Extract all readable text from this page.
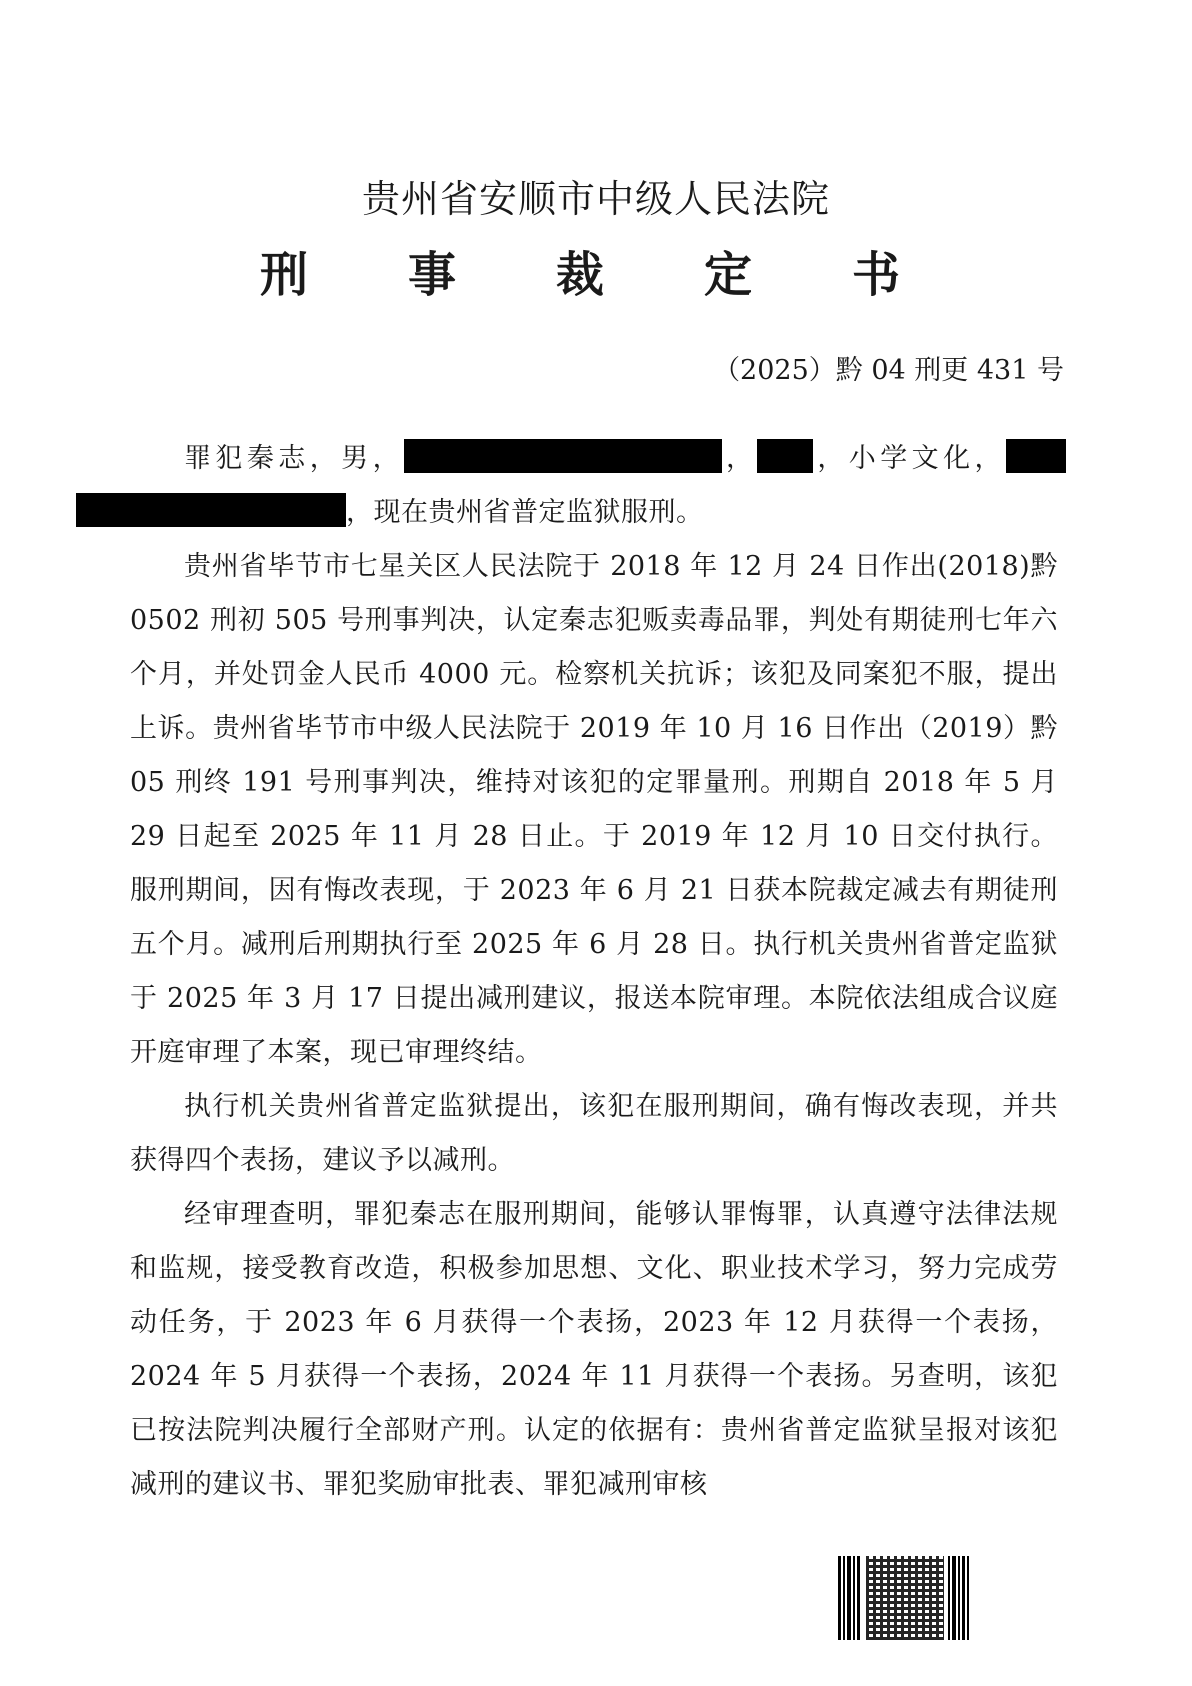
贵州省安顺市中级人民法院
刑 事 裁 定 书
（2025）黔 04 刑更 431 号

罪犯秦志，男，	， ，小学文化，，现在贵州省普定监狱服刑。

贵州省毕节市七星关区人民法院于 2018 年 12 月 24 日作出(2018)黔 0502 刑初 505 号刑事判决，认定秦志犯贩卖毒品罪，判处有期徒刑七年六个月，并处罚金人民币 4000 元。检察机关抗诉；该犯及同案犯不服，提出上诉。贵州省毕节市中级人民法院于 2019 年 10 月 16 日作出（2019）黔 05 刑终 191 号刑事判决，维持对该犯的定罪量刑。刑期自 2018 年 5 月 29 日起至 2025 年 11 月 28 日止。于 2019 年 12 月 10 日交付执行。服刑期间，因有悔改表现，于 2023 年 6 月 21 日获本院裁定减去有期徒刑五个月。减刑后刑期执行至 2025 年 6 月 28 日。执行机关贵州省普定监狱于 2025 年 3 月 17 日提出减刑建议，报送本院审理。本院依法组成合议庭开庭审理了本案，现已审理终结。

执行机关贵州省普定监狱提出，该犯在服刑期间，确有悔改表现，并共获得四个表扬，建议予以减刑。

经审理查明，罪犯秦志在服刑期间，能够认罪悔罪，认真遵守法律法规和监规，接受教育改造，积极参加思想、文化、职业技术学习，努力完成劳动任务，于 2023 年 6 月获得一个表扬，2023 年 12 月获得一个表扬，2024 年 5 月获得一个表扬，2024 年 11 月获得一个表扬。另查明，该犯已按法院判决履行全部财产刑。认定的依据有：贵州省普定监狱呈报对该犯减刑的建议书、罪犯奖励审批表、罪犯减刑审核
